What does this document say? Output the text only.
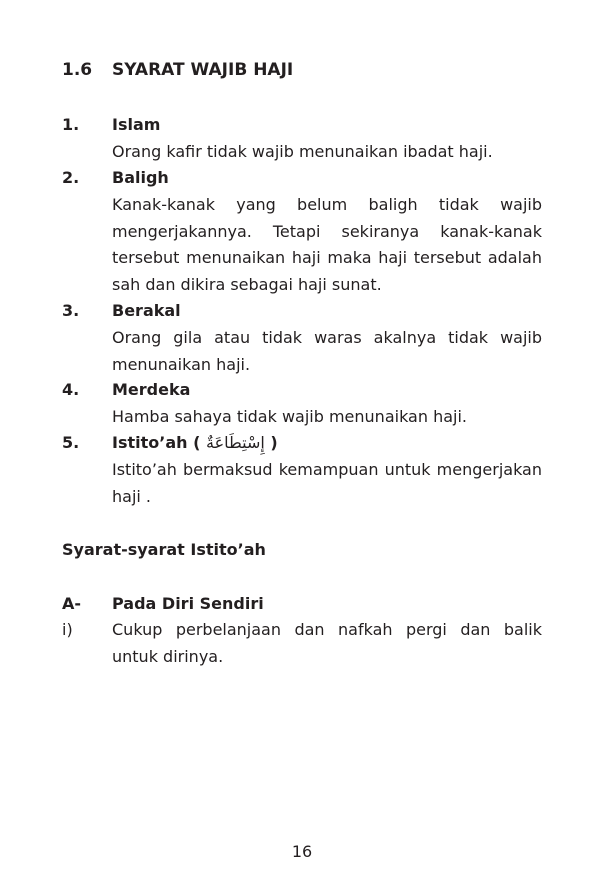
1.6 SYARAT WAJIB HAJI
1. Islam
Orang kafir tidak wajib menunaikan ibadat haji.
2. Baligh
Kanak-kanak yang belum baligh tidak wajib mengerjakannya. Tetapi sekiranya kanak-kanak tersebut menunaikan haji maka haji tersebut adalah sah dan dikira sebagai haji sunat.
3. Berakal
Orang gila atau tidak waras akalnya tidak wajib menunaikan haji.
4. Merdeka
Hamba sahaya tidak wajib menunaikan haji.
5. Istito’ah ( إِسْتِطَاعَةٌ )
Istito’ah bermaksud kemampuan untuk mengerjakan haji .
Syarat-syarat Istito’ah
A- Pada Diri Sendiri
i) Cukup perbelanjaan dan nafkah pergi dan balik untuk dirinya.
16
